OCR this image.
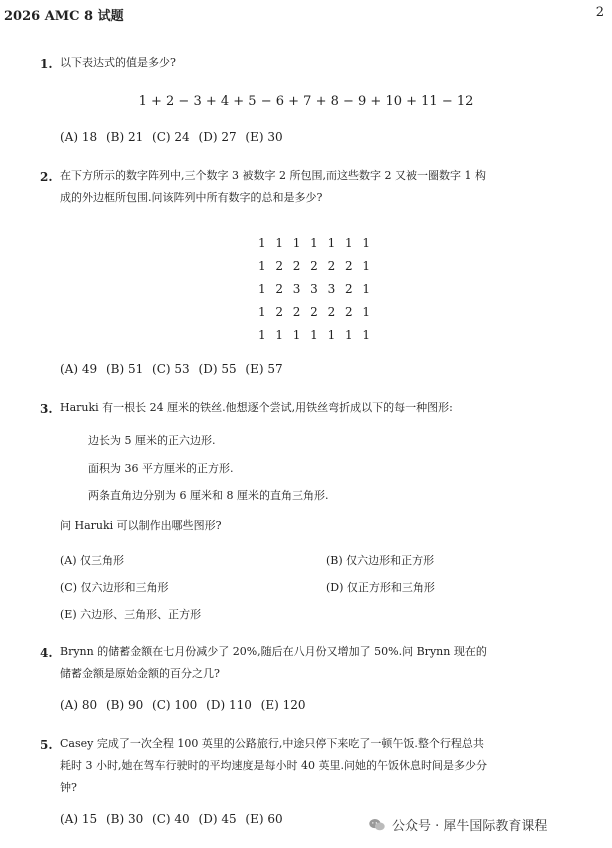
2026 AMC 8 试题	2
1. 以下表达式的值是多少?
1 + 2 − 3 + 4 + 5 − 6 + 7 + 8 − 9 + 10 + 11 − 12
(A) 18 (B) 21 (C) 24 (D) 27 (E) 30
2. 在下方所示的数字阵列中,三个数字 3 被数字 2 所包围,而这些数字 2 又被一圈数字 1 构
成的外边框所包围.问该阵列中所有数字的总和是多少?
1 1 1 1 1 1 1
1 2 2 2 2 2 1
1 2 3 3 3 2 1
1 2 2 2 2 2 1
1 1 1 1 1 1 1
(A) 49 (B) 51 (C) 53 (D) 55 (E) 57
3. Haruki 有一根长 24 厘米的铁丝.他想逐个尝试,用铁丝弯折成以下的每一种图形:
边长为 5 厘米的正六边形.
面积为 36 平方厘米的正方形.
两条直角边分别为 6 厘米和 8 厘米的直角三角形.
问 Haruki 可以制作出哪些图形?
(A) 仅三角形	(B) 仅六边形和正方形
(C) 仅六边形和三角形	(D) 仅正方形和三角形
(E) 六边形、三角形、正方形
4. Brynn 的储蓄金额在七月份减少了 20%,随后在八月份又增加了 50%.问 Brynn 现在的
储蓄金额是原始金额的百分之几?
(A) 80 (B) 90 (C) 100 (D) 110 (E) 120
5. Casey 完成了一次全程 100 英里的公路旅行,中途只停下来吃了一顿午饭.整个行程总共
耗时 3 小时,她在驾车行驶时的平均速度是每小时 40 英里.问她的午饭休息时间是多少分
钟?
(A) 15 (B) 30 (C) 40 (D) 45 (E) 60	公众号 · 犀牛国际教育课程
